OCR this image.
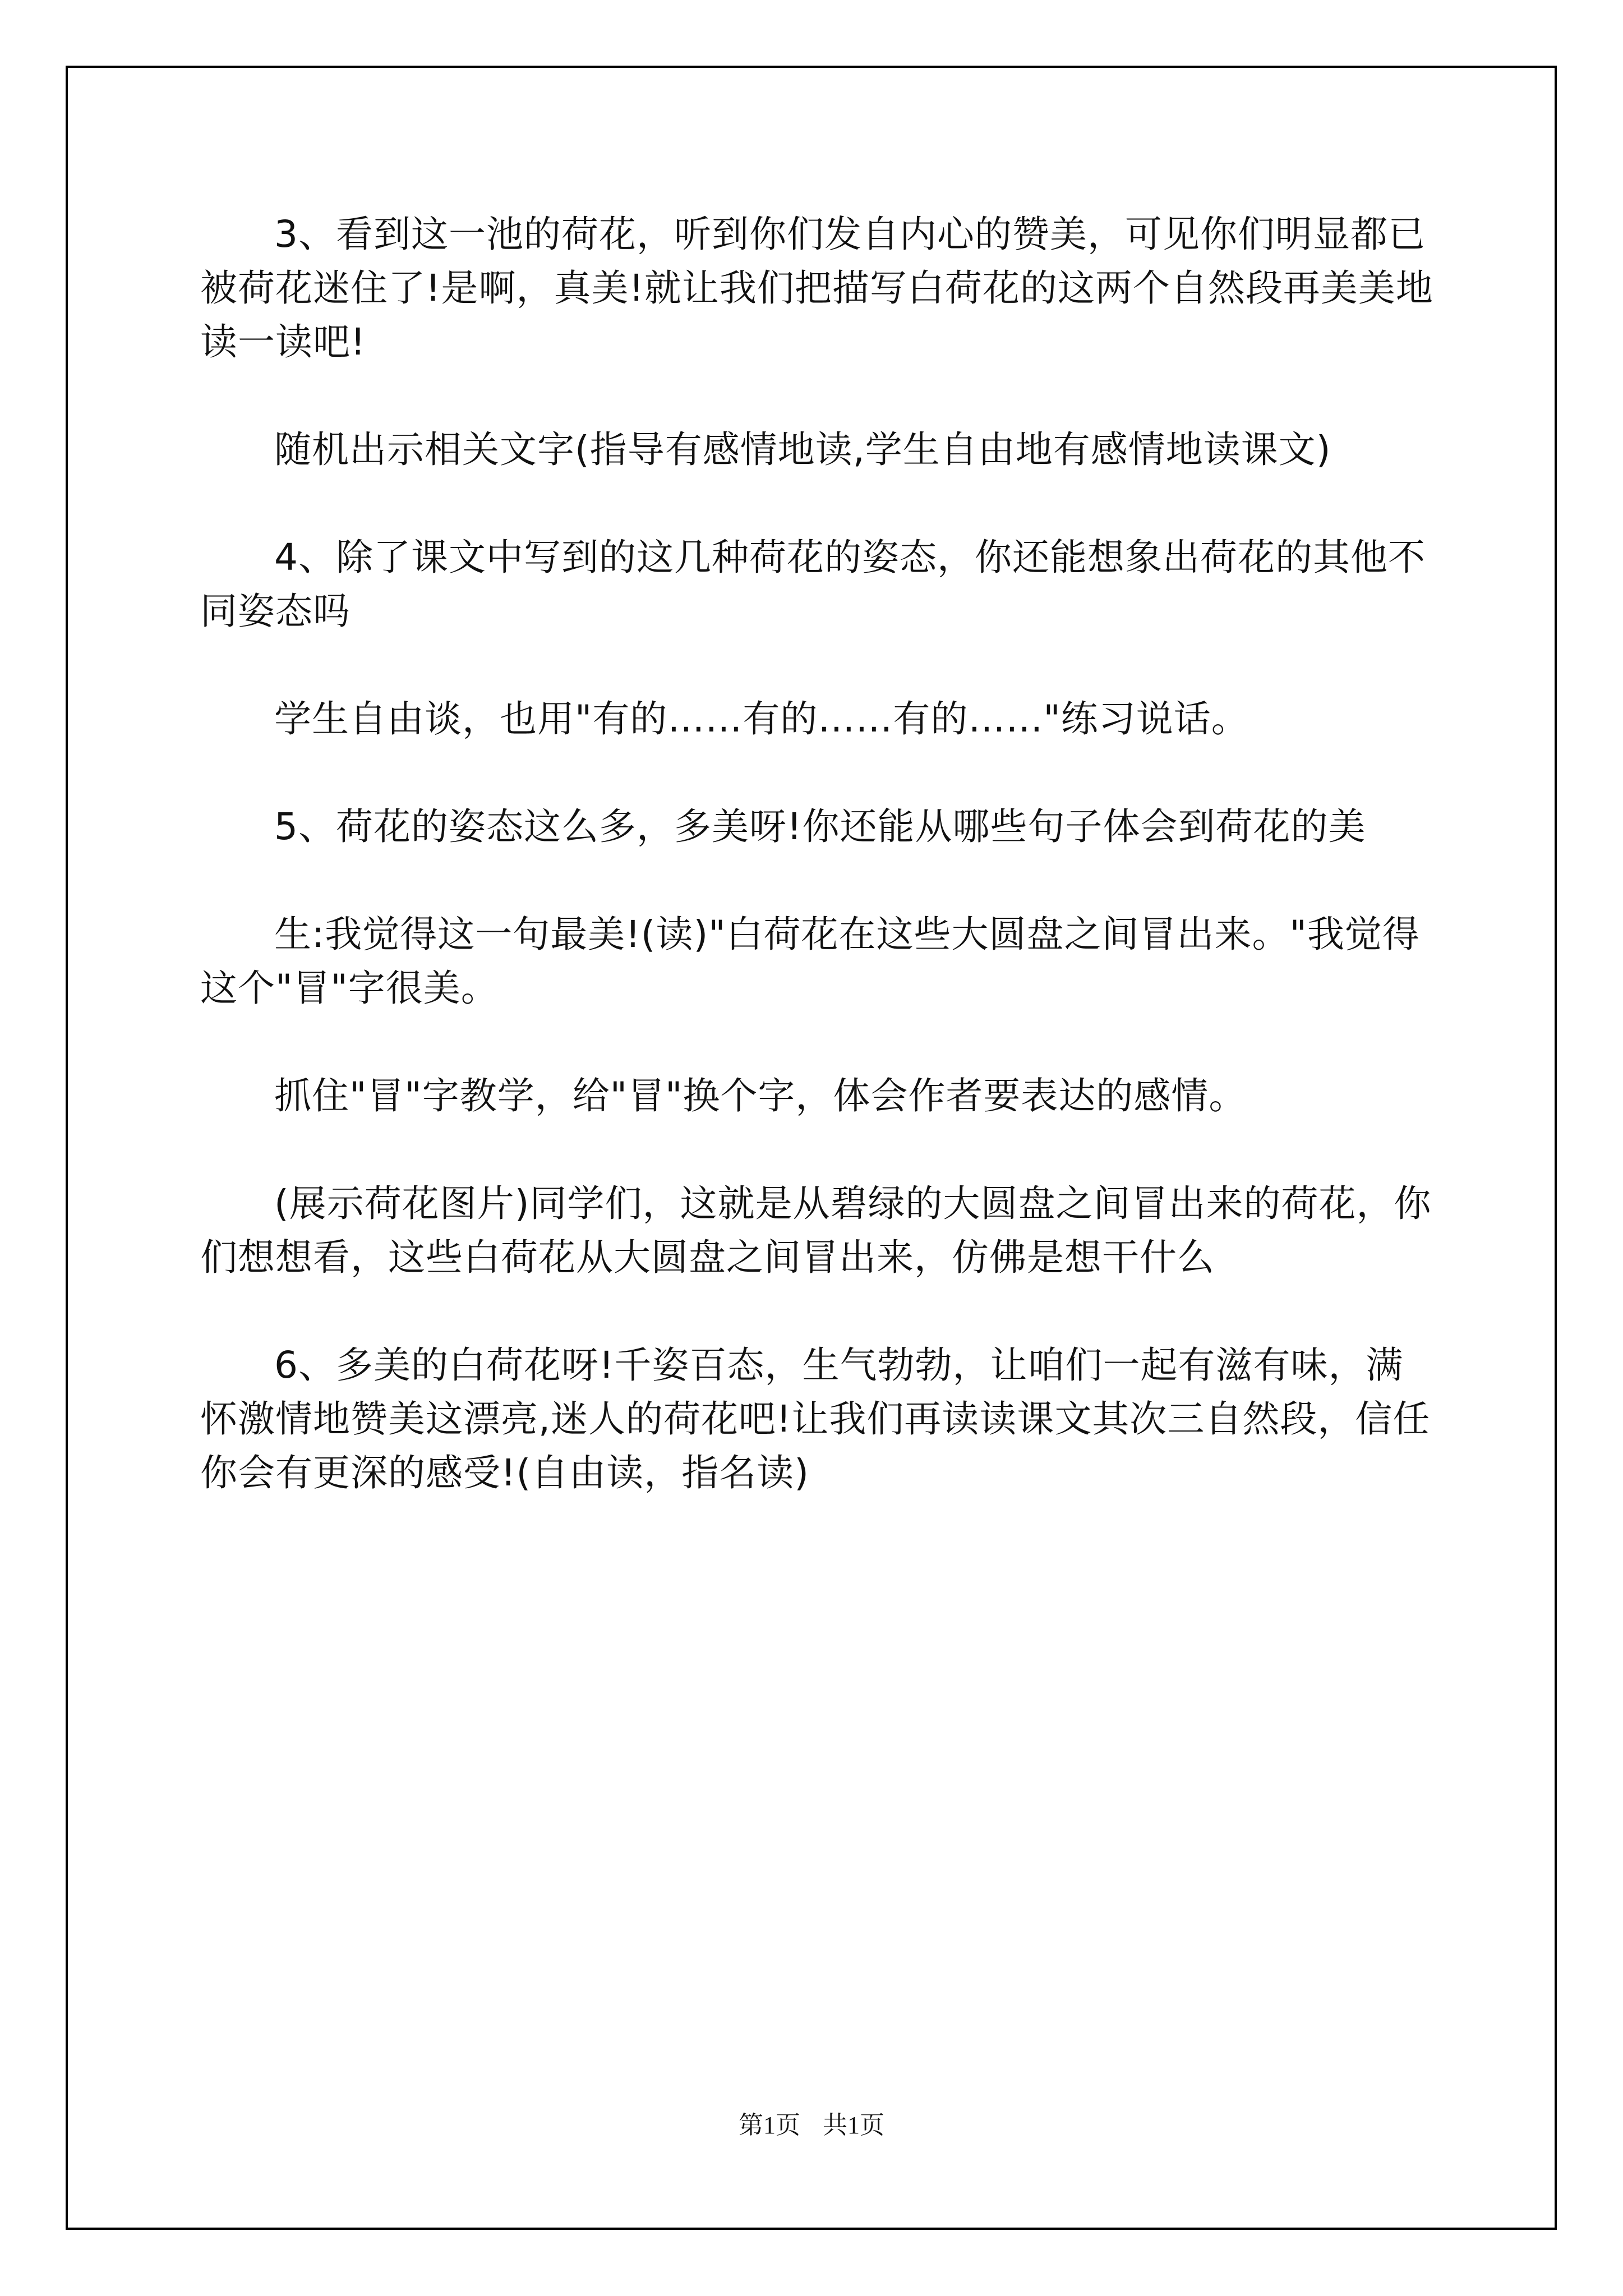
3、看到这一池的荷花，听到你们发自内心的赞美，可见你们明显都已被荷花迷住了!是啊，真美!就让我们把描写白荷花的这两个自然段再美美地读一读吧!

随机出示相关文字(指导有感情地读,学生自由地有感情地读课文)

4、除了课文中写到的这几种荷花的姿态，你还能想象出荷花的其他不同姿态吗

学生自由谈，也用"有的……有的……有的……"练习说话。

5、荷花的姿态这么多，多美呀!你还能从哪些句子体会到荷花的美

生:我觉得这一句最美!(读)"白荷花在这些大圆盘之间冒出来。"我觉得这个"冒"字很美。

抓住"冒"字教学，给"冒"换个字，体会作者要表达的感情。

(展示荷花图片)同学们，这就是从碧绿的大圆盘之间冒出来的荷花，你们想想看，这些白荷花从大圆盘之间冒出来，仿佛是想干什么

6、多美的白荷花呀!千姿百态，生气勃勃，让咱们一起有滋有味，满怀激情地赞美这漂亮,迷人的荷花吧!让我们再读读课文其次三自然段，信任你会有更深的感受!(自由读，指名读)

第1页 共1页
